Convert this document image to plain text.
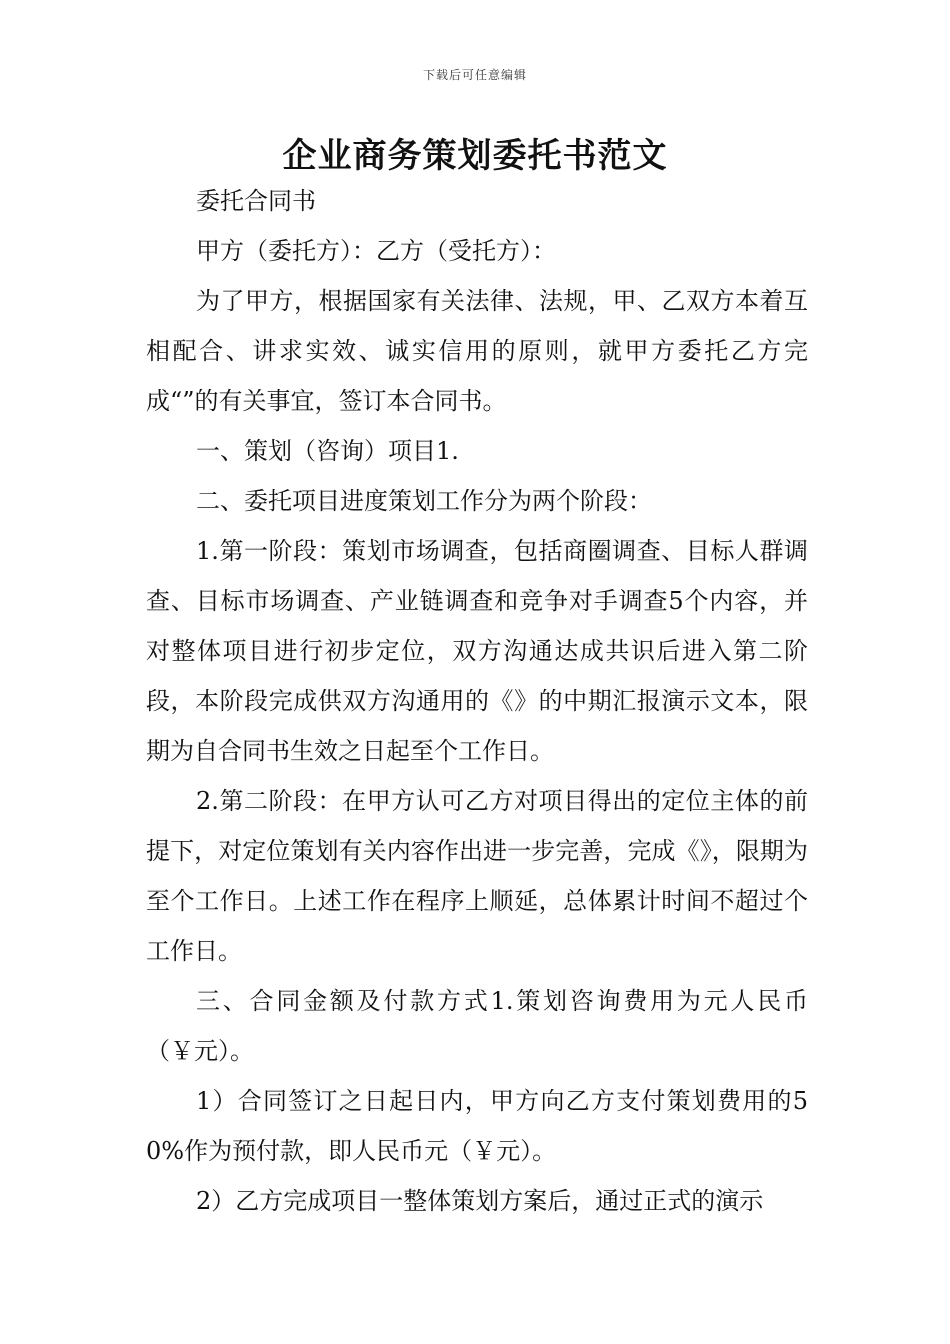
下载后可任意编辑
企业商务策划委托书范文

委托合同书

甲方（委托方）：乙方（受托方）：

为了甲方，根据国家有关法律、法规，甲、乙双方本着互相配合、讲求实效、诚实信用的原则，就甲方委托乙方完成“”的有关事宜，签订本合同书。

一、策划（咨询）项目1.

二、委托项目进度策划工作分为两个阶段：

1.第一阶段：策划市场调查，包括商圈调查、目标人群调查、目标市场调查、产业链调查和竞争对手调查5个内容，并对整体项目进行初步定位，双方沟通达成共识后进入第二阶段，本阶段完成供双方沟通用的《》的中期汇报演示文本，限期为自合同书生效之日起至个工作日。

2.第二阶段：在甲方认可乙方对项目得出的定位主体的前提下，对定位策划有关内容作出进一步完善，完成《》，限期为至个工作日。上述工作在程序上顺延，总体累计时间不超过个工作日。

三、合同金额及付款方式1.策划咨询费用为元人民币（￥元）。

1）合同签订之日起日内，甲方向乙方支付策划费用的50%作为预付款，即人民币元（￥元）。

2）乙方完成项目一整体策划方案后，通过正式的演示
